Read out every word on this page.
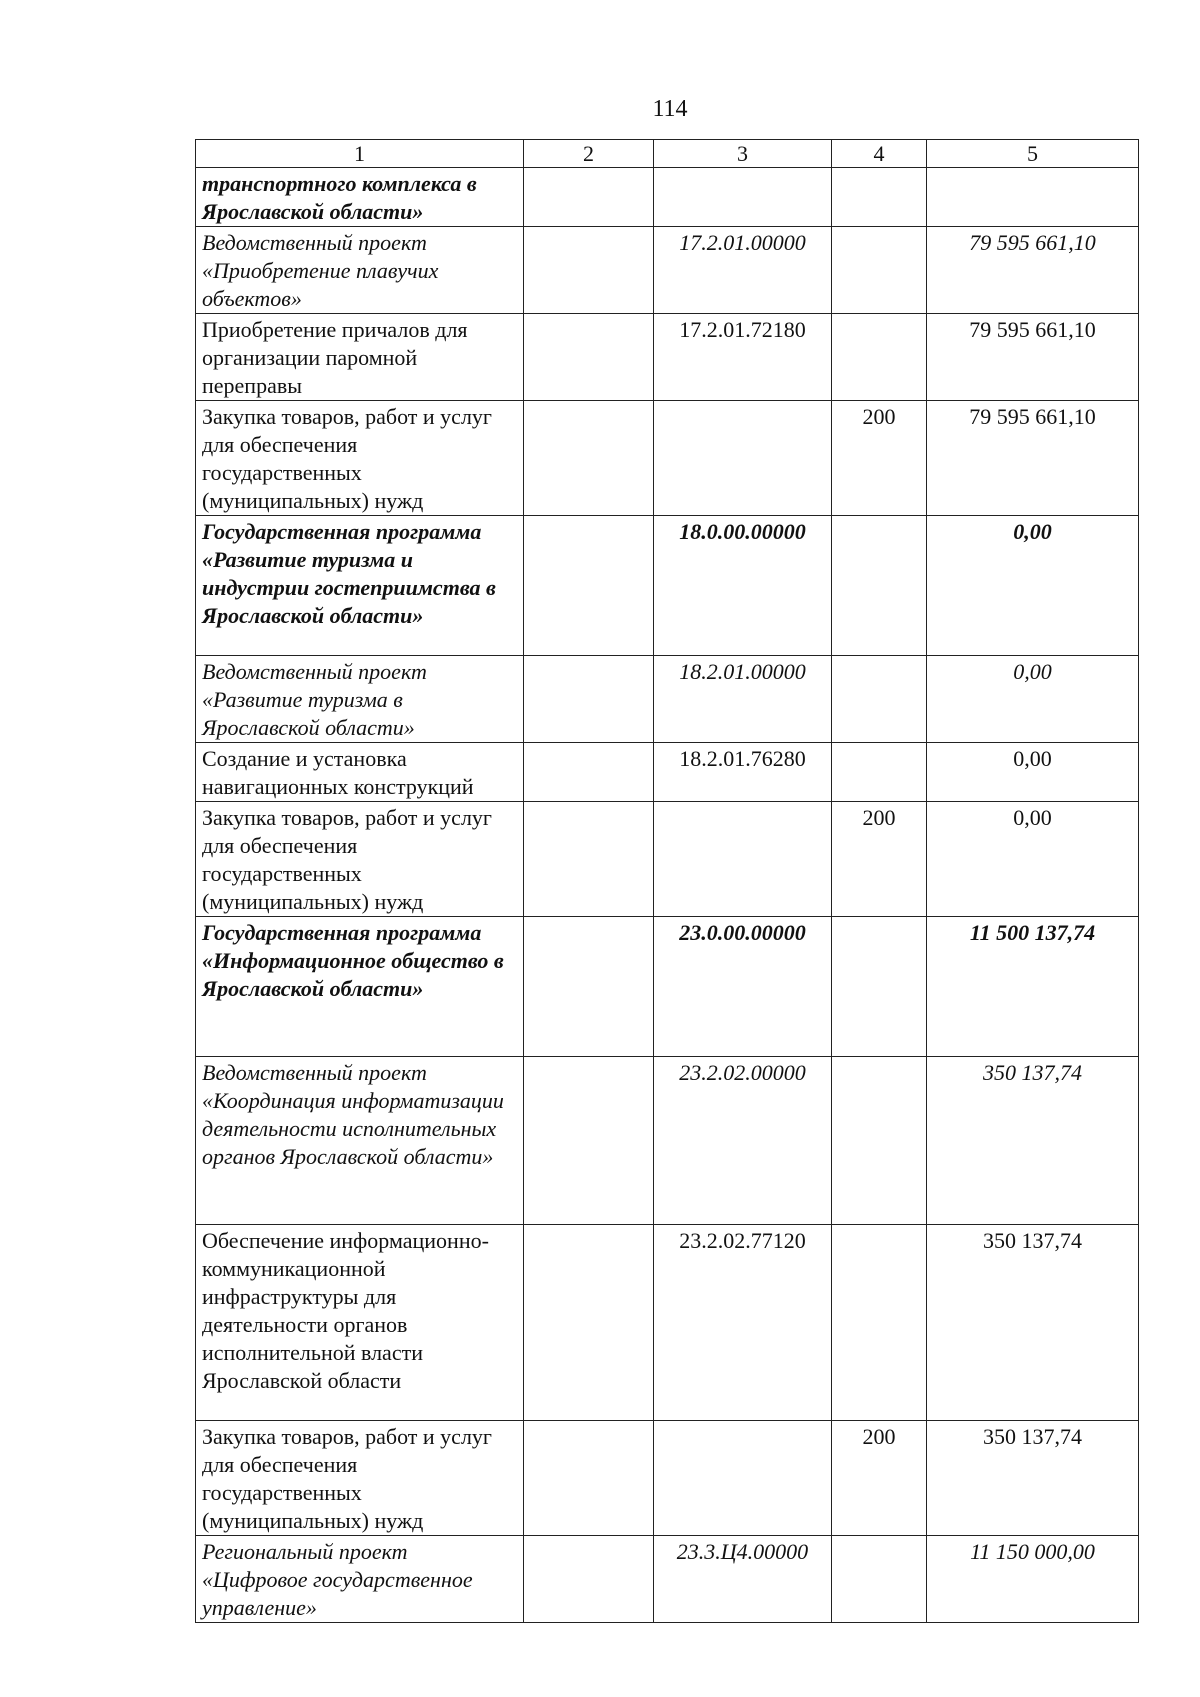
114
1	2	3	4	5
транспортного комплекса в Ярославской области»				
Ведомственный проект «Приобретение плавучих объектов»		17.2.01.00000		79 595 661,10
Приобретение причалов для организации паромной переправы		17.2.01.72180		79 595 661,10
Закупка товаров, работ и услуг для обеспечения государственных (муниципальных) нужд			200	79 595 661,10
Государственная программа «Развитие туризма и индустрии гостеприимства в Ярославской области»		18.0.00.00000		0,00
Ведомственный проект «Развитие туризма в Ярославской области»		18.2.01.00000		0,00
Создание и установка навигационных конструкций		18.2.01.76280		0,00
Закупка товаров, работ и услуг для обеспечения государственных (муниципальных) нужд			200	0,00
Государственная программа «Информационное общество в Ярославской области»		23.0.00.00000		11 500 137,74
Ведомственный проект «Координация информатизации деятельности исполнительных органов Ярославской области»		23.2.02.00000		350 137,74
Обеспечение информационно-коммуникационной инфраструктуры для деятельности органов исполнительной власти Ярославской области		23.2.02.77120		350 137,74
Закупка товаров, работ и услуг для обеспечения государственных (муниципальных) нужд			200	350 137,74
Региональный проект «Цифровое государственное управление»		23.3.Ц4.00000		11 150 000,00
